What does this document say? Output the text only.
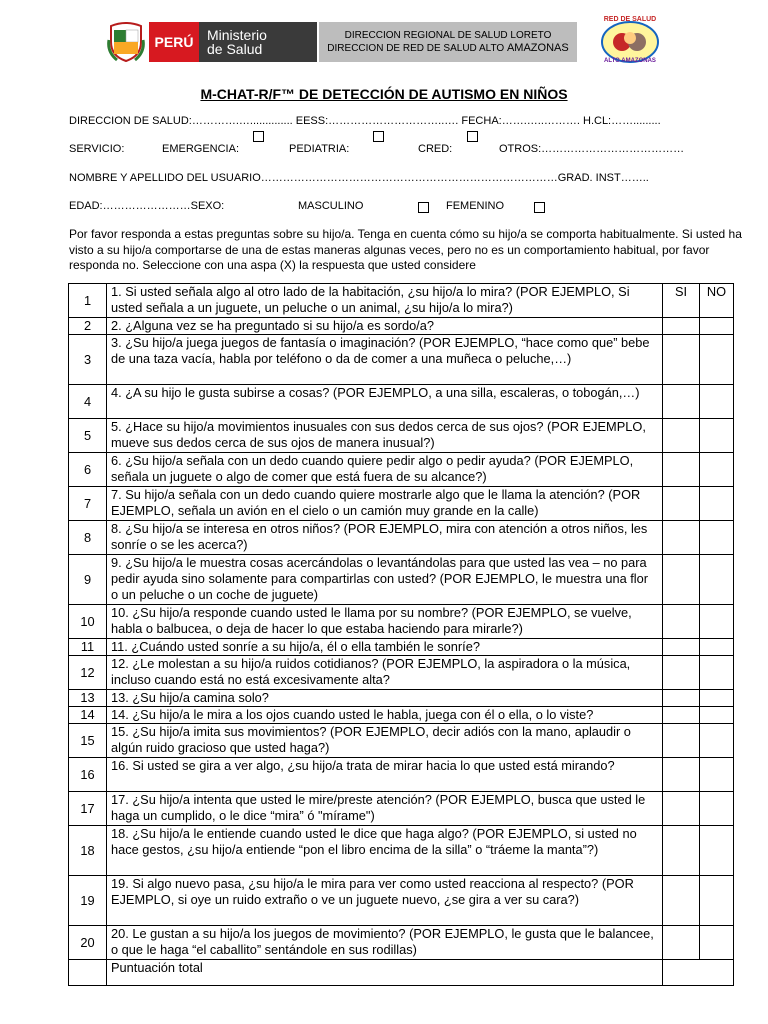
PERÚ Ministerio
de Salud
DIRECCION REGIONAL DE SALUD LORETO
DIRECCION DE RED DE SALUD ALTO AMAZONAS
RED DE SALUD
ALTO AMAZONAS
M-CHAT-R/F™ DE DETECCIÓN DE AUTISMO EN NIÑOS
DIRECCION DE SALUD:………….….............. EESS:…………………………..…. FECHA:…….…..………. H.CL:…….........
SERVICIO:	EMERGENCIA:	PEDIATRIA:	CRED:	OTROS:…………………………………
NOMBRE Y APELLIDO DEL USUARIO………………………………………………………………………GRAD. INST……..
EDAD:……………………SEXO:	MASCULINO	FEMENINO
Por favor responda a estas preguntas sobre su hijo/a. Tenga en cuenta cómo su hijo/a se comporta habitualmente. Si usted ha visto a su hijo/a comportarse de una de estas maneras algunas veces, pero no es un comportamiento habitual, por favor responda no. Seleccione con una aspa (X) la respuesta que usted considere
1	1. Si usted señala algo al otro lado de la habitación, ¿su hijo/a lo mira? (POR EJEMPLO, Si usted señala a un juguete, un peluche o un animal, ¿su hijo/a lo mira?)	SI	NO
2	2. ¿Alguna vez se ha preguntado si su hijo/a es sordo/a?		
3	3. ¿Su hijo/a juega juegos de fantasía o imaginación? (POR EJEMPLO, “hace como que” bebe de una taza vacía, habla por teléfono o da de comer a una muñeca o peluche,…)		
4	4. ¿A su hijo le gusta subirse a cosas? (POR EJEMPLO, a una silla, escaleras, o tobogán,…)		
5	5. ¿Hace su hijo/a movimientos inusuales con sus dedos cerca de sus ojos? (POR EJEMPLO, mueve sus dedos cerca de sus ojos de manera inusual?)		
6	6. ¿Su hijo/a señala con un dedo cuando quiere pedir algo o pedir ayuda? (POR EJEMPLO, señala un juguete o algo de comer que está fuera de su alcance?)		
7	7. Su hijo/a señala con un dedo cuando quiere mostrarle algo que le llama la atención? (POR EJEMPLO, señala un avión en el cielo o un camión muy grande en la calle)		
8	8. ¿Su hijo/a se interesa en otros niños? (POR EJEMPLO, mira con atención a otros niños, les sonríe o se les acerca?)		
9	9. ¿Su hijo/a le muestra cosas acercándolas o levantándolas para que usted las vea – no para pedir ayuda sino solamente para compartirlas con usted? (POR EJEMPLO, le muestra una flor o un peluche o un coche de juguete)		
10	10. ¿Su hijo/a responde cuando usted le llama por su nombre? (POR EJEMPLO, se vuelve, habla o balbucea, o deja de hacer lo que estaba haciendo para mirarle?)		
11	11. ¿Cuándo usted sonríe a su hijo/a, él o ella también le sonríe?		
12	12. ¿Le molestan a su hijo/a ruidos cotidianos? (POR EJEMPLO, la aspiradora o la música, incluso cuando está no está excesivamente alta?		
13	13. ¿Su hijo/a camina solo?		
14	14. ¿Su hijo/a le mira a los ojos cuando usted le habla, juega con él o ella, o lo viste?		
15	15. ¿Su hijo/a imita sus movimientos? (POR EJEMPLO, decir adiós con la mano, aplaudir o algún ruido gracioso que usted haga?)		
16	16. Si usted se gira a ver algo, ¿su hijo/a trata de mirar hacia lo que usted está mirando?		
17	17. ¿Su hijo/a intenta que usted le mire/preste atención? (POR EJEMPLO, busca que usted le haga un cumplido, o le dice “mira” ó "mírame")		
18	18. ¿Su hijo/a le entiende cuando usted le dice que haga algo? (POR EJEMPLO, si usted no hace gestos, ¿su hijo/a entiende “pon el libro encima de la silla” o “tráeme la manta”?)		
19	19. Si algo nuevo pasa, ¿su hijo/a le mira para ver como usted reacciona al respecto? (POR EJEMPLO, si oye un ruido extraño o ve un juguete nuevo, ¿se gira a ver su cara?)		
20	20. Le gustan a su hijo/a los juegos de movimiento? (POR EJEMPLO, le gusta que le balancee, o que le haga “el caballito” sentándole en sus rodillas)		
	Puntuación total		
